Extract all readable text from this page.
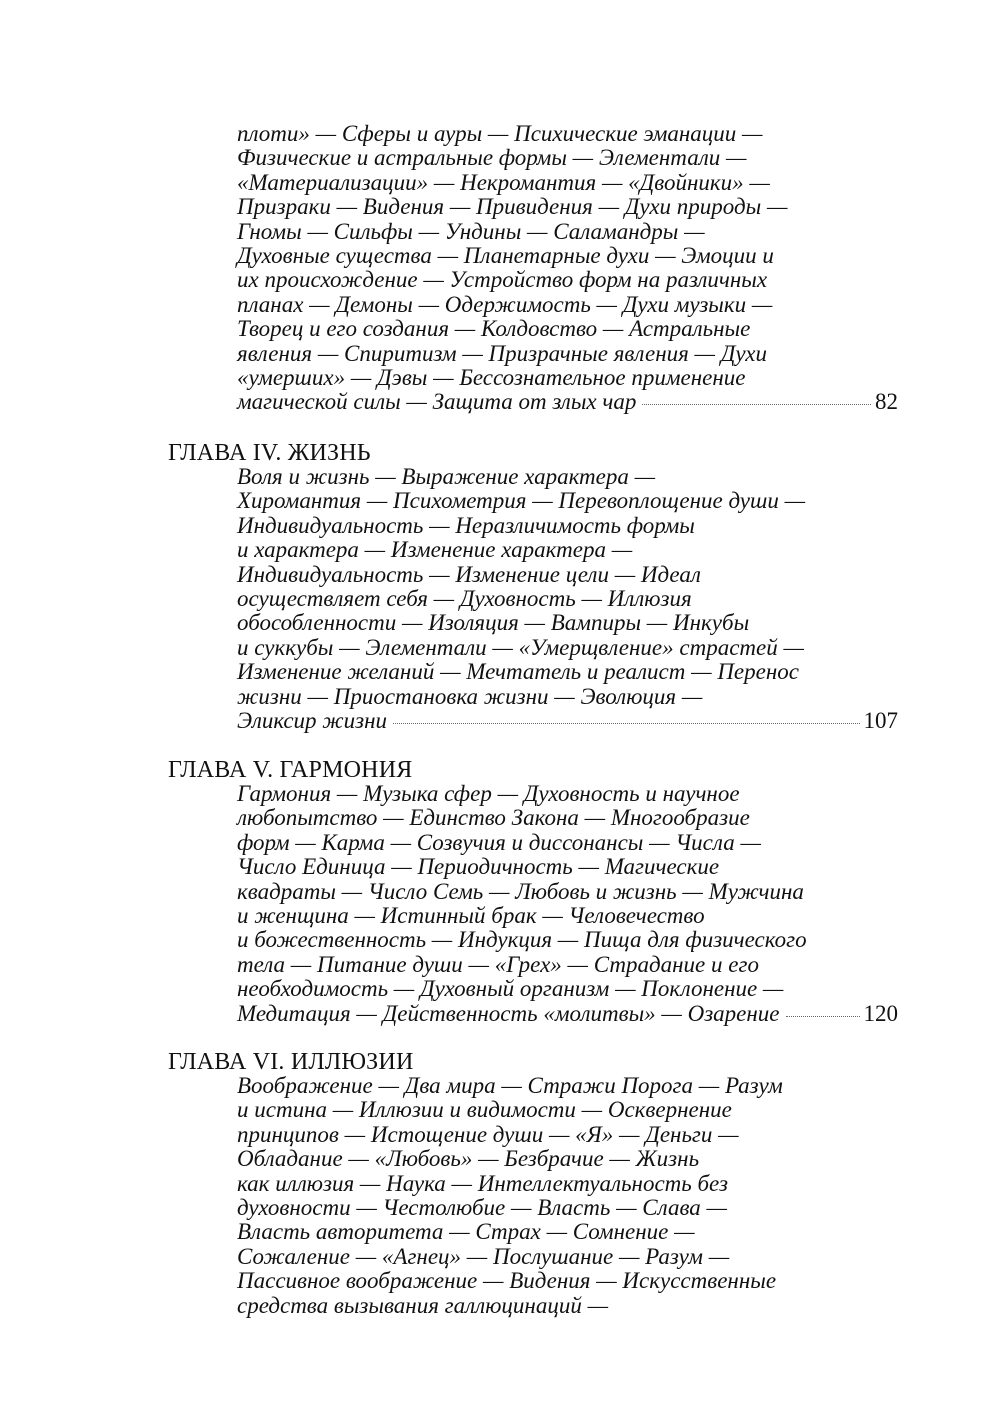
плоти» — Сферы и ауры — Психические эманации —
Физические и астральные формы — Элементали —
«Материализации» — Некромантия — «Двойники» —
Призраки — Видения — Привидения — Духи природы —
Гномы — Сильфы — Ундины — Саламандры —
Духовные существа — Планетарные духи — Эмоции и
их происхождение — Устройство форм на различных
планах — Демоны — Одержимость — Духи музыки —
Творец и его создания — Колдовство — Астральные
явления — Спиритизм — Призрачные явления — Духи
«умерших» — Дэвы — Бессознательное применение
магической силы — Защита от злых чар	82
ГЛАВА IV. ЖИЗНЬ
Воля и жизнь — Выражение характера —
Хиромантия — Психометрия — Перевоплощение души —
Индивидуальность — Неразличимость формы
и характера — Изменение характера —
Индивидуальность — Изменение цели — Идеал
осуществляет себя — Духовность — Иллюзия
обособленности — Изоляция — Вампиры — Инкубы
и суккубы — Элементали — «Умерщвление» страстей —
Изменение желаний — Мечтатель и реалист — Перенос
жизни — Приостановка жизни — Эволюция —
Эликсир жизни	107
ГЛАВА V. ГАРМОНИЯ
Гармония — Музыка сфер — Духовность и научное
любопытство — Единство Закона — Многообразие
форм — Карма — Созвучия и диссонансы — Числа —
Число Единица — Периодичность — Магические
квадраты — Число Семь — Любовь и жизнь — Мужчина
и женщина — Истинный брак — Человечество
и божественность — Индукция — Пища для физического
тела — Питание души — «Грех» — Страдание и его
необходимость — Духовный организм — Поклонение —
Медитация — Действенность «молитвы» — Озарение	120
ГЛАВА VI. ИЛЛЮЗИИ
Воображение — Два мира — Стражи Порога — Разум
и истина — Иллюзии и видимости — Осквернение
принципов — Истощение души — «Я» — Деньги —
Обладание — «Любовь» — Безбрачие — Жизнь
как иллюзия — Наука — Интеллектуальность без
духовности — Честолюбие — Власть — Слава —
Власть авторитета — Страх — Сомнение —
Сожаление — «Агнец» — Послушание — Разум —
Пассивное воображение — Видения — Искусственные
средства вызывания галлюцинаций —
